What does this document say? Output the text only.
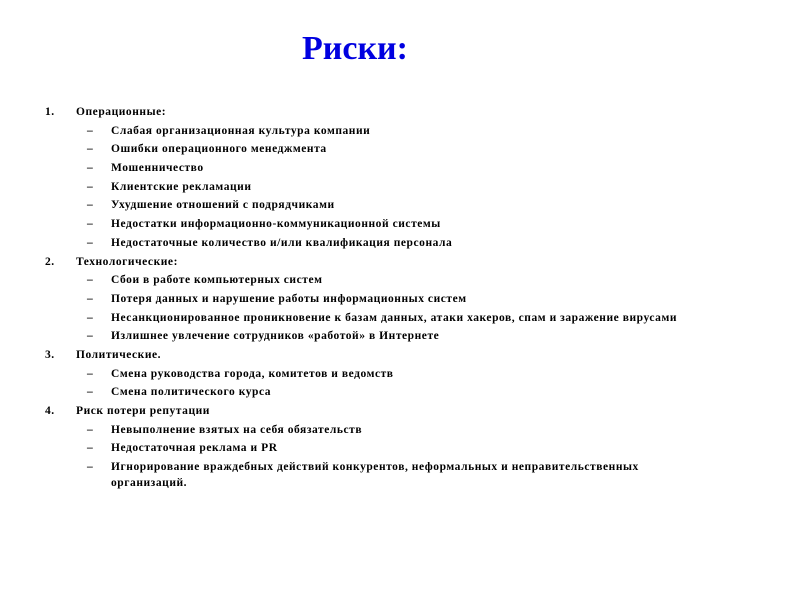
Риски:
1. Операционные:
– Слабая организационная культура компании
– Ошибки операционного менеджмента
– Мошенничество
– Клиентские рекламации
– Ухудшение отношений с подрядчиками
– Недостатки информационно-коммуникационной системы
– Недостаточные количество и/или квалификация персонала
2. Технологические:
– Сбои в работе компьютерных систем
– Потеря данных и нарушение работы информационных систем
– Несанкционированное проникновение к базам данных, атаки хакеров, спам и заражение вирусами
– Излишнее увлечение сотрудников «работой» в Интернете
3. Политические.
– Смена руководства города, комитетов и ведомств
– Смена политического курса
4. Риск потери репутации
– Невыполнение взятых на себя обязательств
– Недостаточная реклама и PR
– Игнорирование враждебных действий конкурентов, неформальных и неправительственных организаций.
